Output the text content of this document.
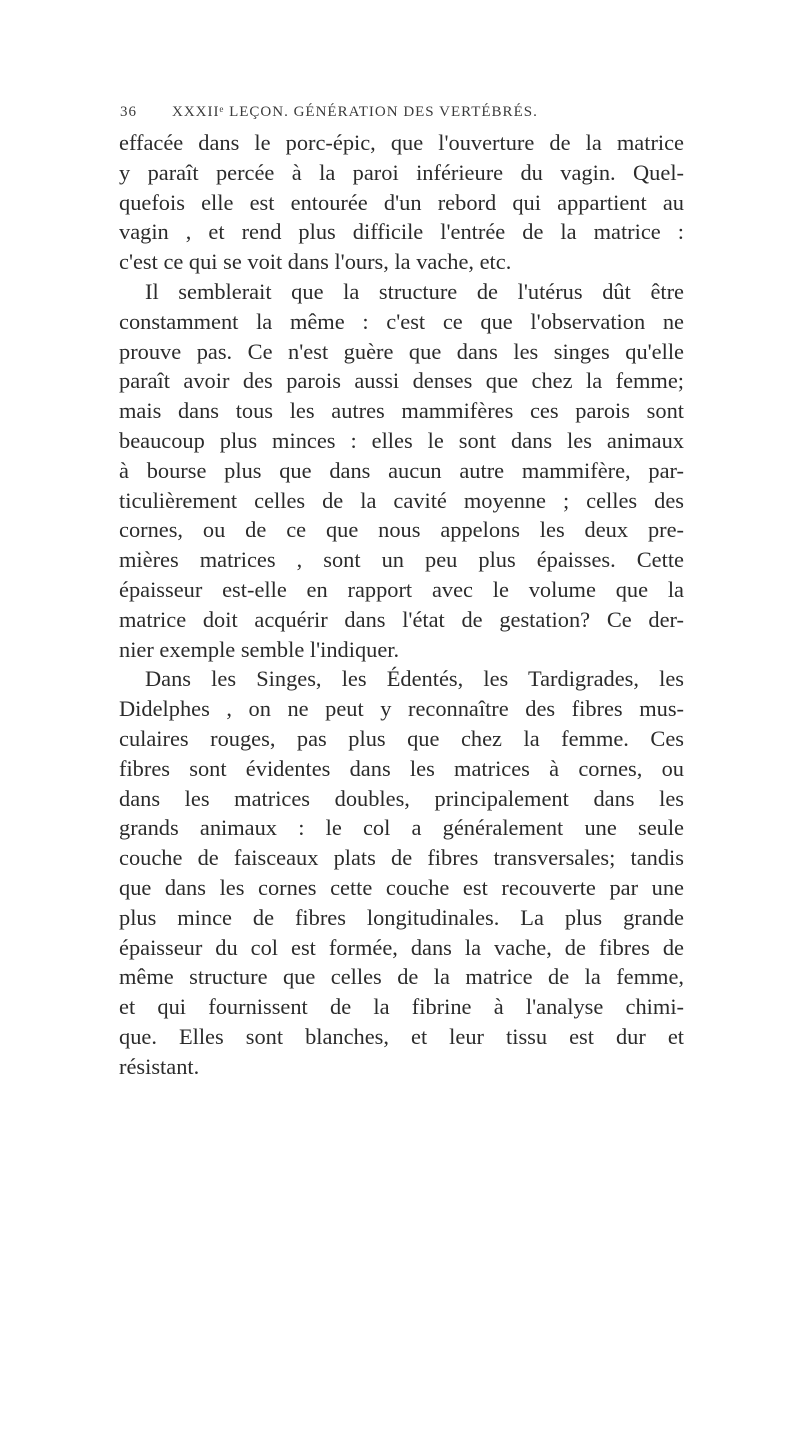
36 XXXIIᵉ LEÇON. GÉNÉRATION DES VERTÉBRÉS.
effacée dans le porc-épic, que l'ouverture de la matrice
y paraît percée à la paroi inférieure du vagin. Quel-
quefois elle est entourée d'un rebord qui appartient au
vagin , et rend plus difficile l'entrée de la matrice :
c'est ce qui se voit dans l'ours, la vache, etc.
Il semblerait que la structure de l'utérus dût être
constamment la même : c'est ce que l'observation ne
prouve pas. Ce n'est guère que dans les singes qu'elle
paraît avoir des parois aussi denses que chez la femme;
mais dans tous les autres mammifères ces parois sont
beaucoup plus minces : elles le sont dans les animaux
à bourse plus que dans aucun autre mammifère, par-
ticulièrement celles de la cavité moyenne ; celles des
cornes, ou de ce que nous appelons les deux pre-
mières matrices , sont un peu plus épaisses. Cette
épaisseur est-elle en rapport avec le volume que la
matrice doit acquérir dans l'état de gestation? Ce der-
nier exemple semble l'indiquer.
Dans les Singes, les Édentés, les Tardigrades, les
Didelphes , on ne peut y reconnaître des fibres mus-
culaires rouges, pas plus que chez la femme. Ces
fibres sont évidentes dans les matrices à cornes, ou
dans les matrices doubles, principalement dans les
grands animaux : le col a généralement une seule
couche de faisceaux plats de fibres transversales; tandis
que dans les cornes cette couche est recouverte par une
plus mince de fibres longitudinales. La plus grande
épaisseur du col est formée, dans la vache, de fibres de
même structure que celles de la matrice de la femme,
et qui fournissent de la fibrine à l'analyse chimi-
que. Elles sont blanches, et leur tissu est dur et
résistant.
